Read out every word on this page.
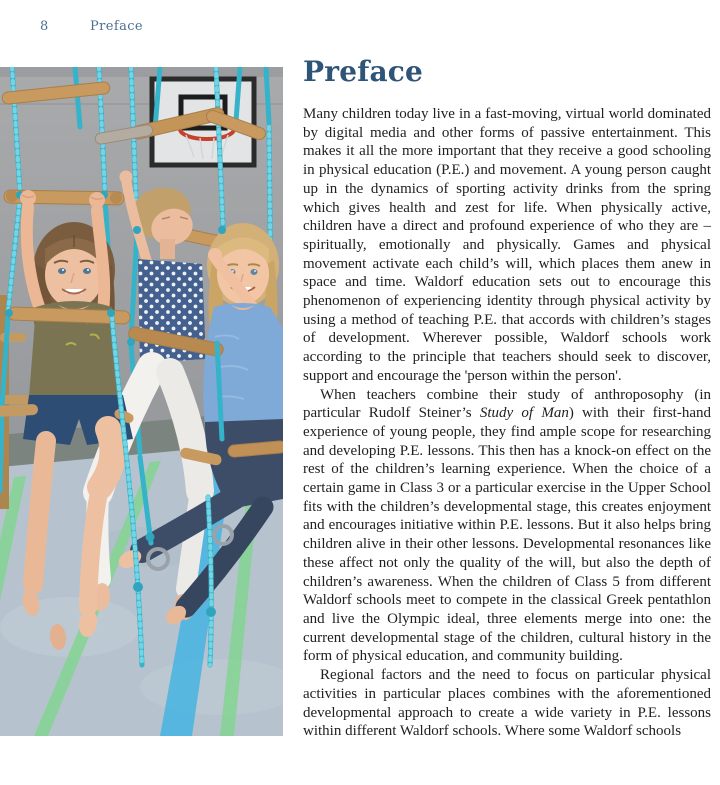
8	Preface
Preface

Many children today live in a fast-moving, virtual world dominated by digital media and other forms of passive entertainment. This makes it all the more important that they receive a good schooling in physical education (P.E.) and movement. A young person caught up in the dynamics of sporting activity drinks from the spring which gives health and zest for life. When physically active, children have a direct and profound experience of who they are – spiritually, emotionally and physically. Games and physical movement activate each child’s will, which places them anew in space and time. Waldorf education sets out to encourage this phenomenon of experiencing identity through physical activity by using a method of teaching P.E. that accords with children’s stages of development. Wherever possible, Waldorf schools work according to the principle that teachers should seek to discover, support and encourage the 'person within the person'.

When teachers combine their study of anthroposophy (in particular Rudolf Steiner’s Study of Man) with their first-hand experience of young people, they find ample scope for researching and developing P.E. lessons. This then has a knock-on effect on the rest of the children’s learning experience. When the choice of a certain game in Class 3 or a particular exercise in the Upper School fits with the children’s developmental stage, this creates enjoyment and encourages initiative within P.E. lessons. But it also helps bring children alive in their other lessons. Developmental resonances like these affect not only the quality of the will, but also the depth of children’s awareness. When the children of Class 5 from different Waldorf schools meet to compete in the classical Greek pentathlon and live the Olympic ideal, three elements merge into one: the current developmental stage of the children, cultural history in the form of physical education, and community building.

Regional factors and the need to focus on particular physical activities in particular places combines with the aforementioned developmental approach to create a wide variety in P.E. lessons within different Waldorf schools. Where some Waldorf schools
